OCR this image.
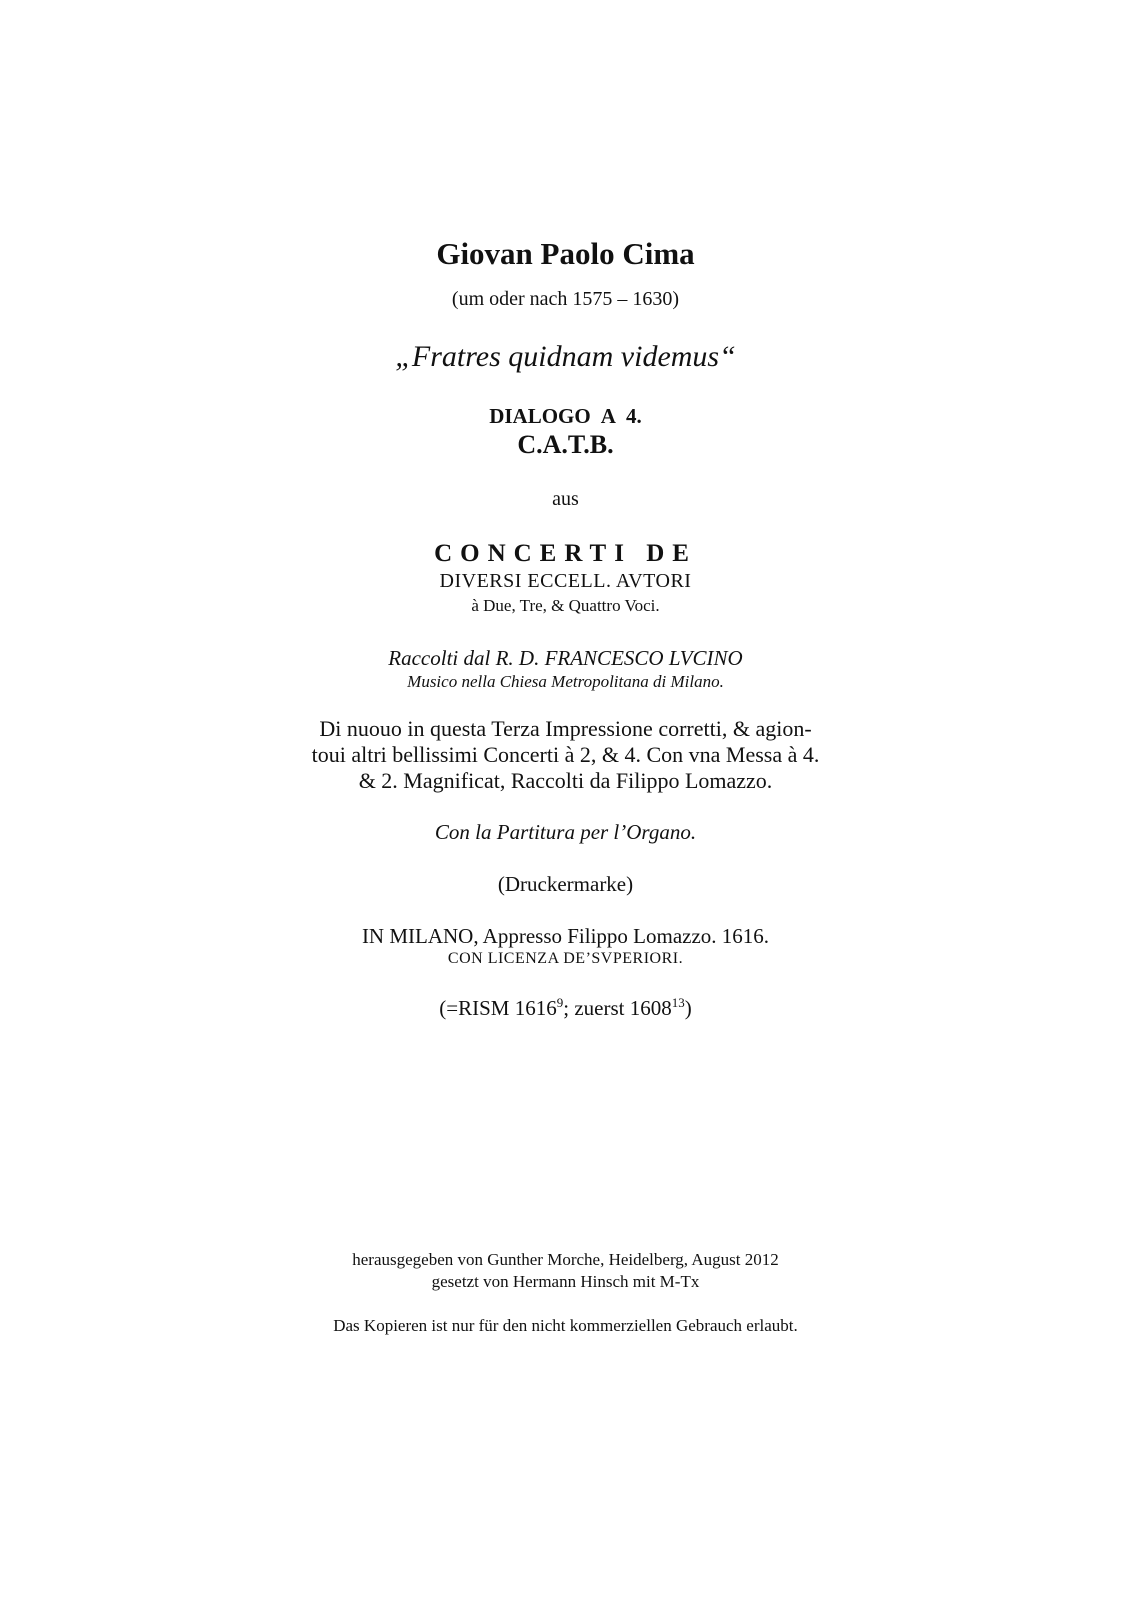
Giovan Paolo Cima
(um oder nach 1575 – 1630)
„Fratres quidnam videmus“
DIALOGO A 4.
C.A.T.B.
aus
CONCERTI DE
DIVERSI ECCELL. AVTORI
à Due, Tre, & Quattro Voci.
Raccolti dal R. D. FRANCESCO LVCINO
Musico nella Chiesa Metropolitana di Milano.
Di nuouo in questa Terza Impressione corretti, & agion-
toui altri bellissimi Concerti à 2, & 4. Con vna Messa à 4.
& 2. Magnificat, Raccolti da Filippo Lomazzo.
Con la Partitura per l’Organo.
(Druckermarke)
IN MILANO, Appresso Filippo Lomazzo. 1616.
CON LICENZA DE’SVPERIORI.
(=RISM 1616$^9$; zuerst 1608$^{13}$)
herausgegeben von Gunther Morche, Heidelberg, August 2012
gesetzt von Hermann Hinsch mit M-Tx
Das Kopieren ist nur für den nicht kommerziellen Gebrauch erlaubt.
